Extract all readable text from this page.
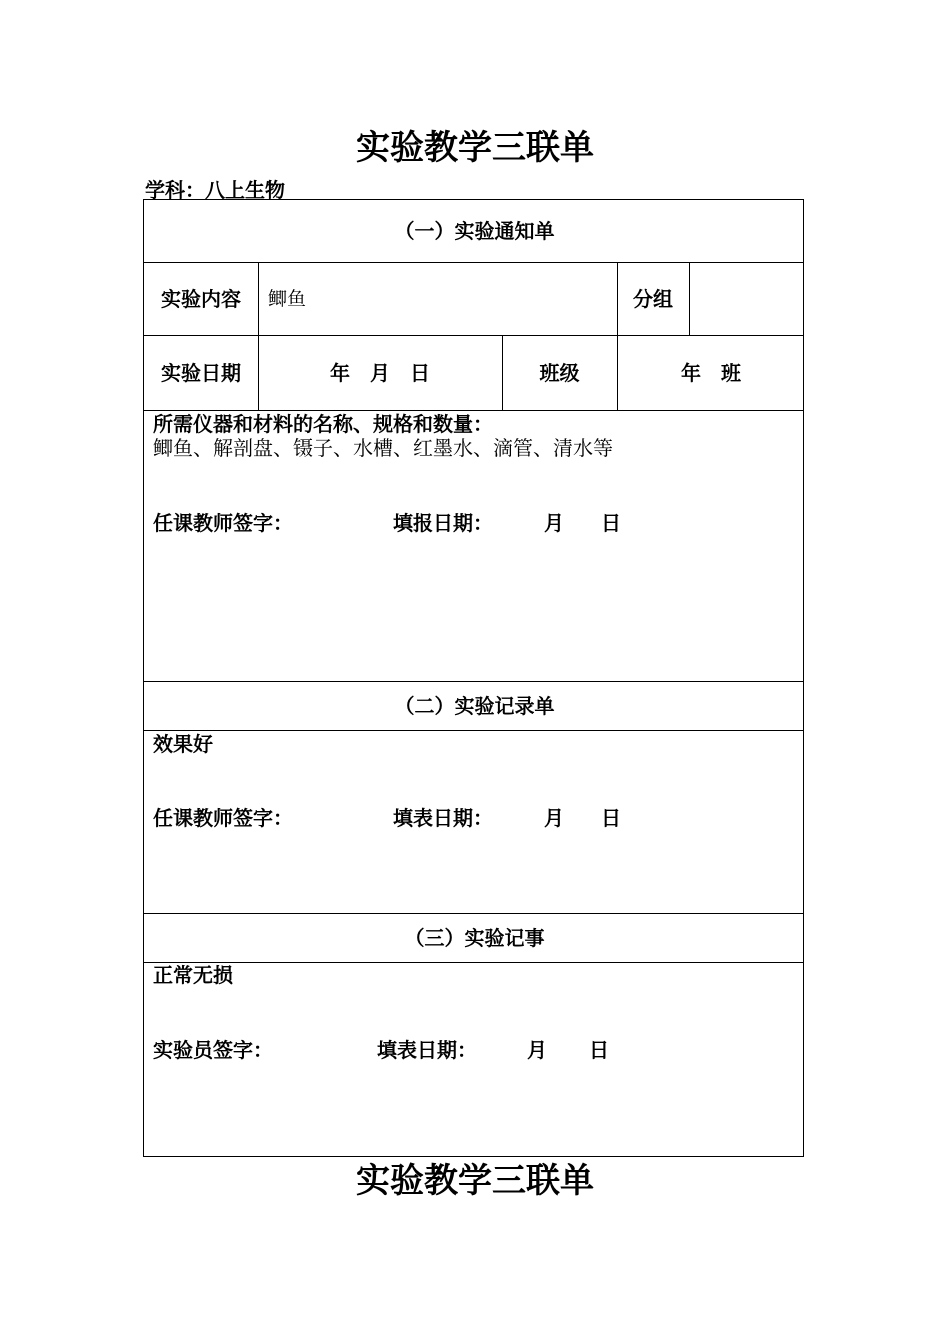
实验教学三联单
学科：八上生物
（一）实验通知单
实验内容	鲫鱼	分组
实验日期	年　月　日	班级	年　班
所需仪器和材料的名称、规格和数量：
鲫鱼、解剖盘、镊子、水槽、红墨水、滴管、清水等
任课教师签字：	填报日期：	月 日
（二）实验记录单
效果好
任课教师签字：	填表日期：	月 日
（三）实验记事
正常无损
实验员签字：	填表日期：	月 日
实验教学三联单
